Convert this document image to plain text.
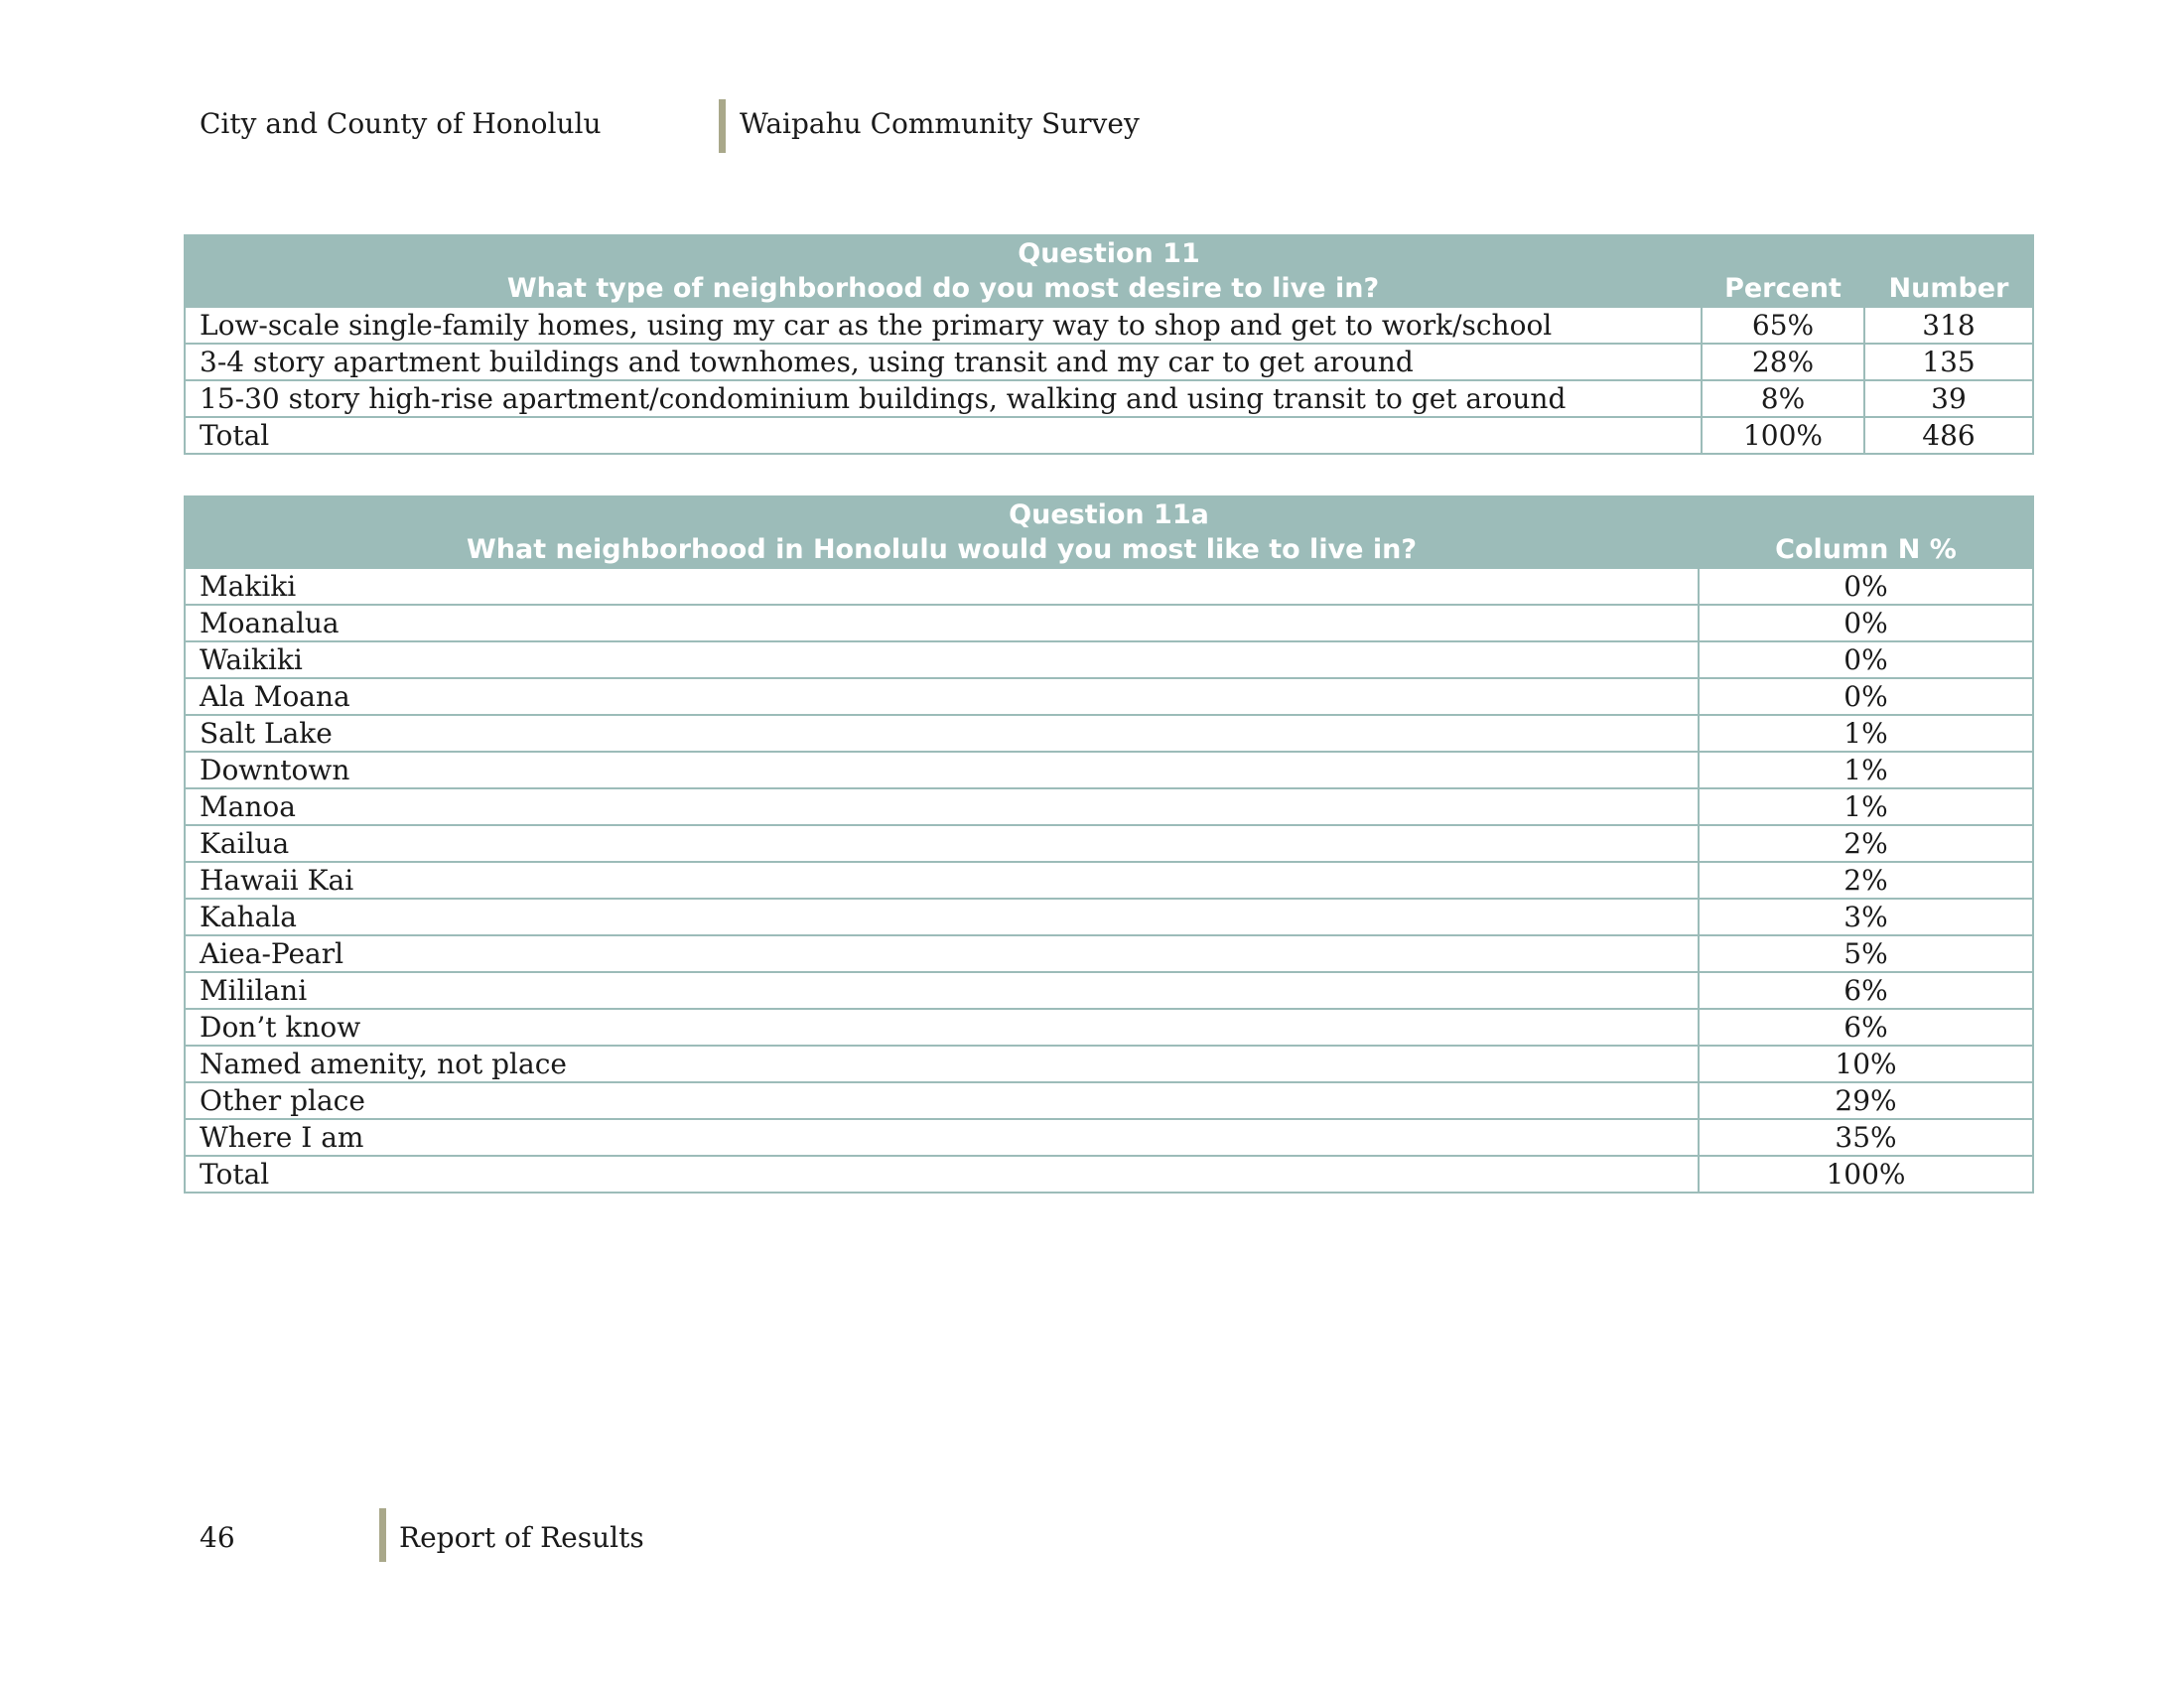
City and County of Honolulu	Waipahu Community Survey
Question 11		
What type of neighborhood do you most desire to live in?	Percent	Number
Low-scale single-family homes, using my car as the primary way to shop and get to work/school	65%	318
3-4 story apartment buildings and townhomes, using transit and my car to get around	28%	135
15-30 story high-rise apartment/condominium buildings, walking and using transit to get around	8%	39
Total	100%	486
Question 11a	
What neighborhood in Honolulu would you most like to live in?	Column N %
Makiki	0%
Moanalua	0%
Waikiki	0%
Ala Moana	0%
Salt Lake	1%
Downtown	1%
Manoa	1%
Kailua	2%
Hawaii Kai	2%
Kahala	3%
Aiea-Pearl	5%
Mililani	6%
Don’t know	6%
Named amenity, not place	10%
Other place	29%
Where I am	35%
Total	100%
46	Report of Results
